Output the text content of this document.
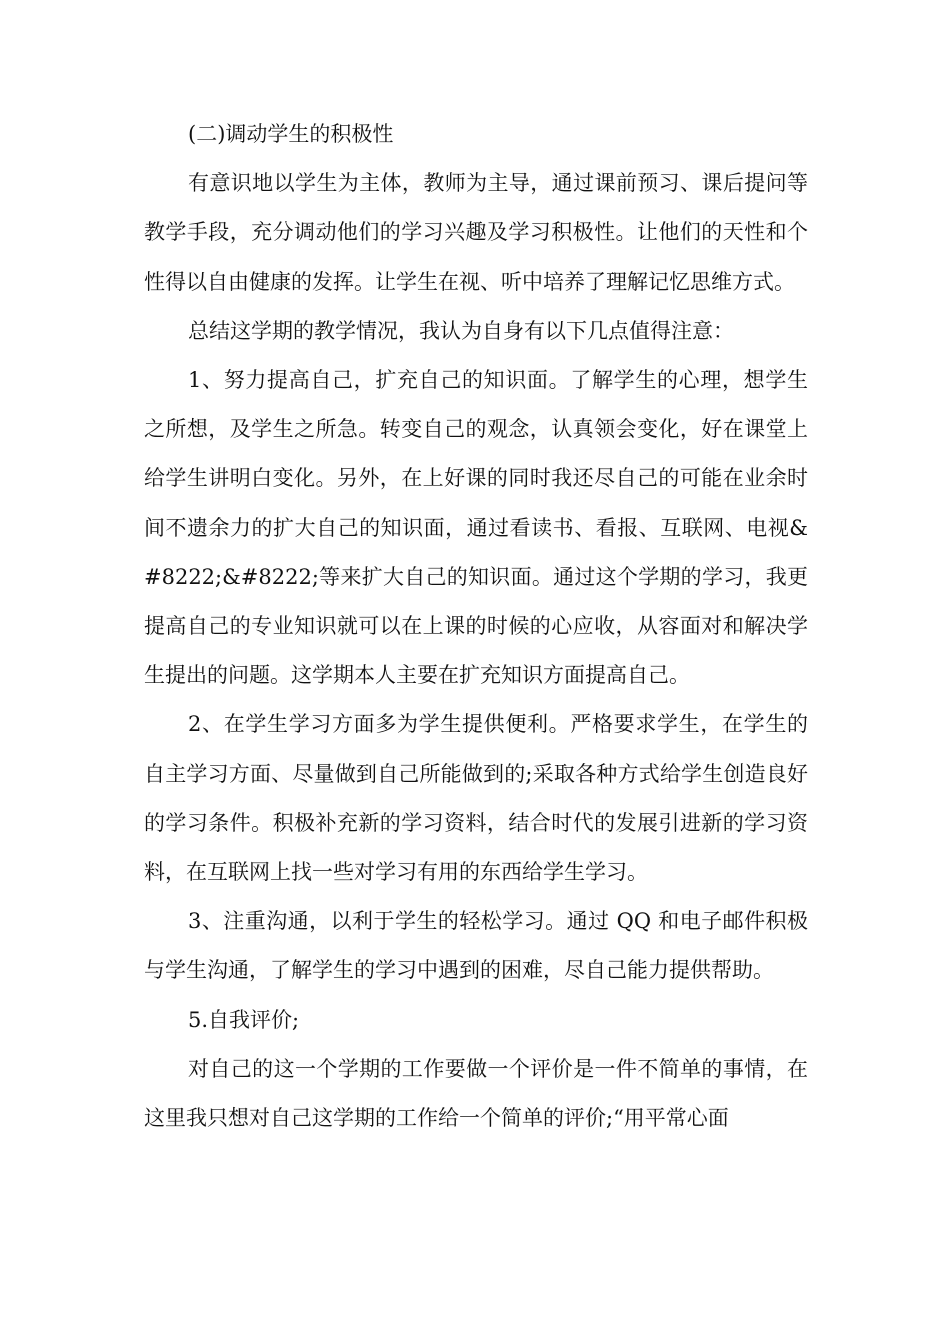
(二)调动学生的积极性

有意识地以学生为主体，教师为主导，通过课前预习、课后提问等教学手段，充分调动他们的学习兴趣及学习积极性。让他们的天性和个性得以自由健康的发挥。让学生在视、听中培养了理解记忆思维方式。

总结这学期的教学情况，我认为自身有以下几点值得注意：

1、努力提高自己，扩充自己的知识面。了解学生的心理，想学生之所想，及学生之所急。转变自己的观念，认真领会变化，好在课堂上给学生讲明白变化。另外，在上好课的同时我还尽自己的可能在业余时间不遗余力的扩大自己的知识面，通过看读书、看报、互联网、电视&#8222;&#8222;等来扩大自己的知识面。通过这个学期的学习，我更提高自己的专业知识就可以在上课的时候的心应收，从容面对和解决学生提出的问题。这学期本人主要在扩充知识方面提高自己。

2、在学生学习方面多为学生提供便利。严格要求学生，在学生的自主学习方面、尽量做到自己所能做到的;采取各种方式给学生创造良好的学习条件。积极补充新的学习资料，结合时代的发展引进新的学习资料，在互联网上找一些对学习有用的东西给学生学习。

3、注重沟通，以利于学生的轻松学习。通过 QQ 和电子邮件积极与学生沟通，了解学生的学习中遇到的困难，尽自己能力提供帮助。

5.自我评价;

对自己的这一个学期的工作要做一个评价是一件不简单的事情，在这里我只想对自己这学期的工作给一个简单的评价;“用平常心面
